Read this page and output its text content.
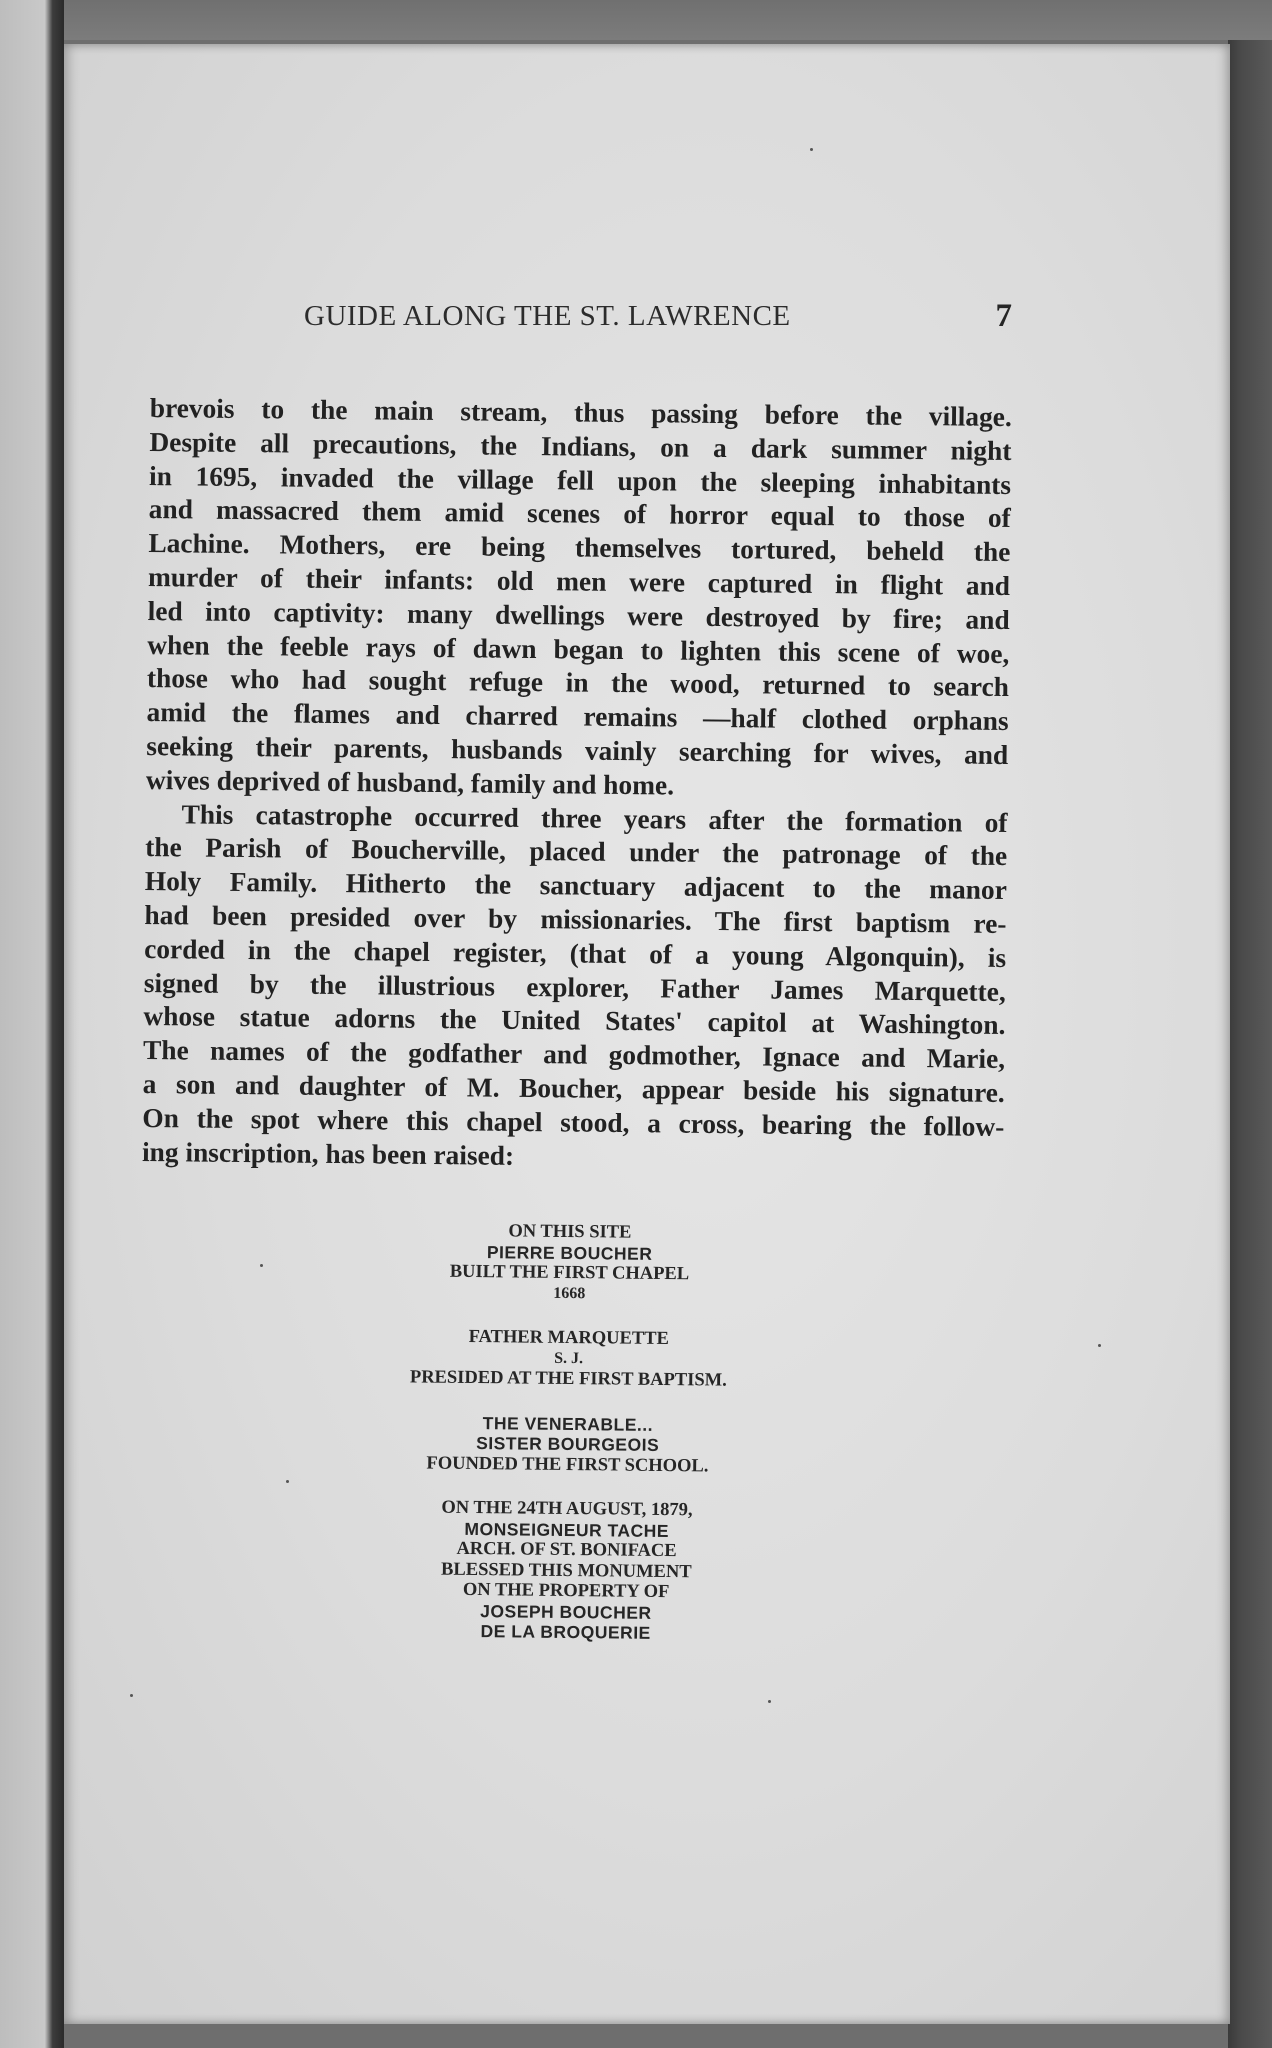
GUIDE ALONG THE ST. LAWRENCE	7

brevois to the main stream, thus passing before the village.
Despite all precautions, the Indians, on a dark summer night
in 1695, invaded the village fell upon the sleeping inhabitants
and massacred them amid scenes of horror equal to those of
Lachine. Mothers, ere being themselves tortured, beheld the
murder of their infants: old men were captured in flight and
led into captivity: many dwellings were destroyed by fire; and
when the feeble rays of dawn began to lighten this scene of woe,
those who had sought refuge in the wood, returned to search
amid the flames and charred remains —half clothed orphans
seeking their parents, husbands vainly searching for wives, and
wives deprived of husband, family and home.

This catastrophe occurred three years after the formation of
the Parish of Boucherville, placed under the patronage of the
Holy Family. Hitherto the sanctuary adjacent to the manor
had been presided over by missionaries. The first baptism re-
corded in the chapel register, (that of a young Algonquin), is
signed by the illustrious explorer, Father James Marquette,
whose statue adorns the United States' capitol at Washington.
The names of the godfather and godmother, Ignace and Marie,
a son and daughter of M. Boucher, appear beside his signature.
On the spot where this chapel stood, a cross, bearing the follow-
ing inscription, has been raised:

ON THIS SITE
PIERRE BOUCHER
BUILT THE FIRST CHAPEL
1668
FATHER MARQUETTE
S. J.
PRESIDED AT THE FIRST BAPTISM.
THE VENERABLE...
SISTER BOURGEOIS
FOUNDED THE FIRST SCHOOL.
ON THE 24TH AUGUST, 1879,
MONSEIGNEUR TACHE
ARCH. OF ST. BONIFACE
BLESSED THIS MONUMENT
ON THE PROPERTY OF
JOSEPH BOUCHER
DE LA BROQUERIE
